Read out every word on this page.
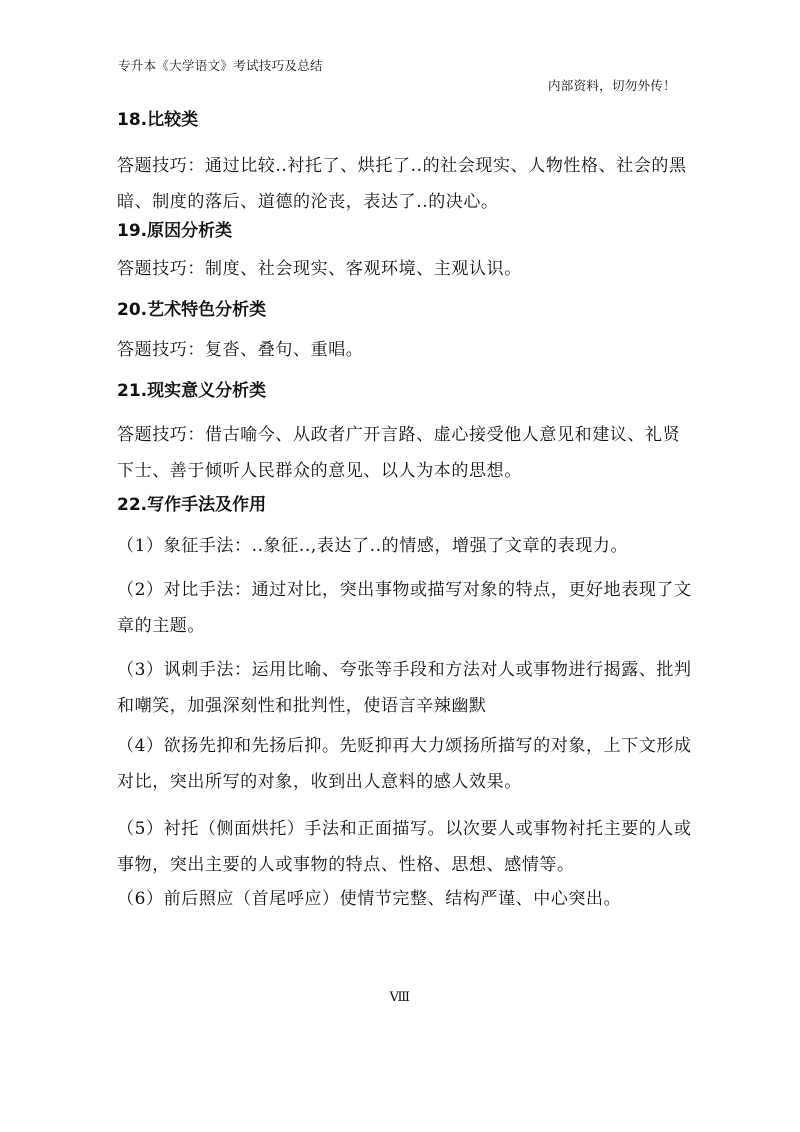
专升本《大学语文》考试技巧及总结
内部资料，切勿外传！
18.比较类

答题技巧：通过比较..衬托了、烘托了..的社会现实、人物性格、社会的黑暗、制度的落后、道德的沦丧，表达了..的决心。

19.原因分析类

答题技巧：制度、社会现实、客观环境、主观认识。

20.艺术特色分析类

答题技巧：复沓、叠句、重唱。

21.现实意义分析类

答题技巧：借古喻今、从政者广开言路、虚心接受他人意见和建议、礼贤下士、善于倾听人民群众的意见、以人为本的思想。

22.写作手法及作用

（1）象征手法：..象征..,表达了..的情感，增强了文章的表现力。

（2）对比手法：通过对比，突出事物或描写对象的特点，更好地表现了文章的主题。

（3）讽刺手法：运用比喻、夸张等手段和方法对人或事物进行揭露、批判和嘲笑，加强深刻性和批判性，使语言辛辣幽默

（4）欲扬先抑和先扬后抑。先贬抑再大力颂扬所描写的对象，上下文形成对比，突出所写的对象，收到出人意料的感人效果。

（5）衬托（侧面烘托）手法和正面描写。以次要人或事物衬托主要的人或事物，突出主要的人或事物的特点、性格、思想、感情等。

（6）前后照应（首尾呼应）使情节完整、结构严谨、中心突出。

Ⅷ
